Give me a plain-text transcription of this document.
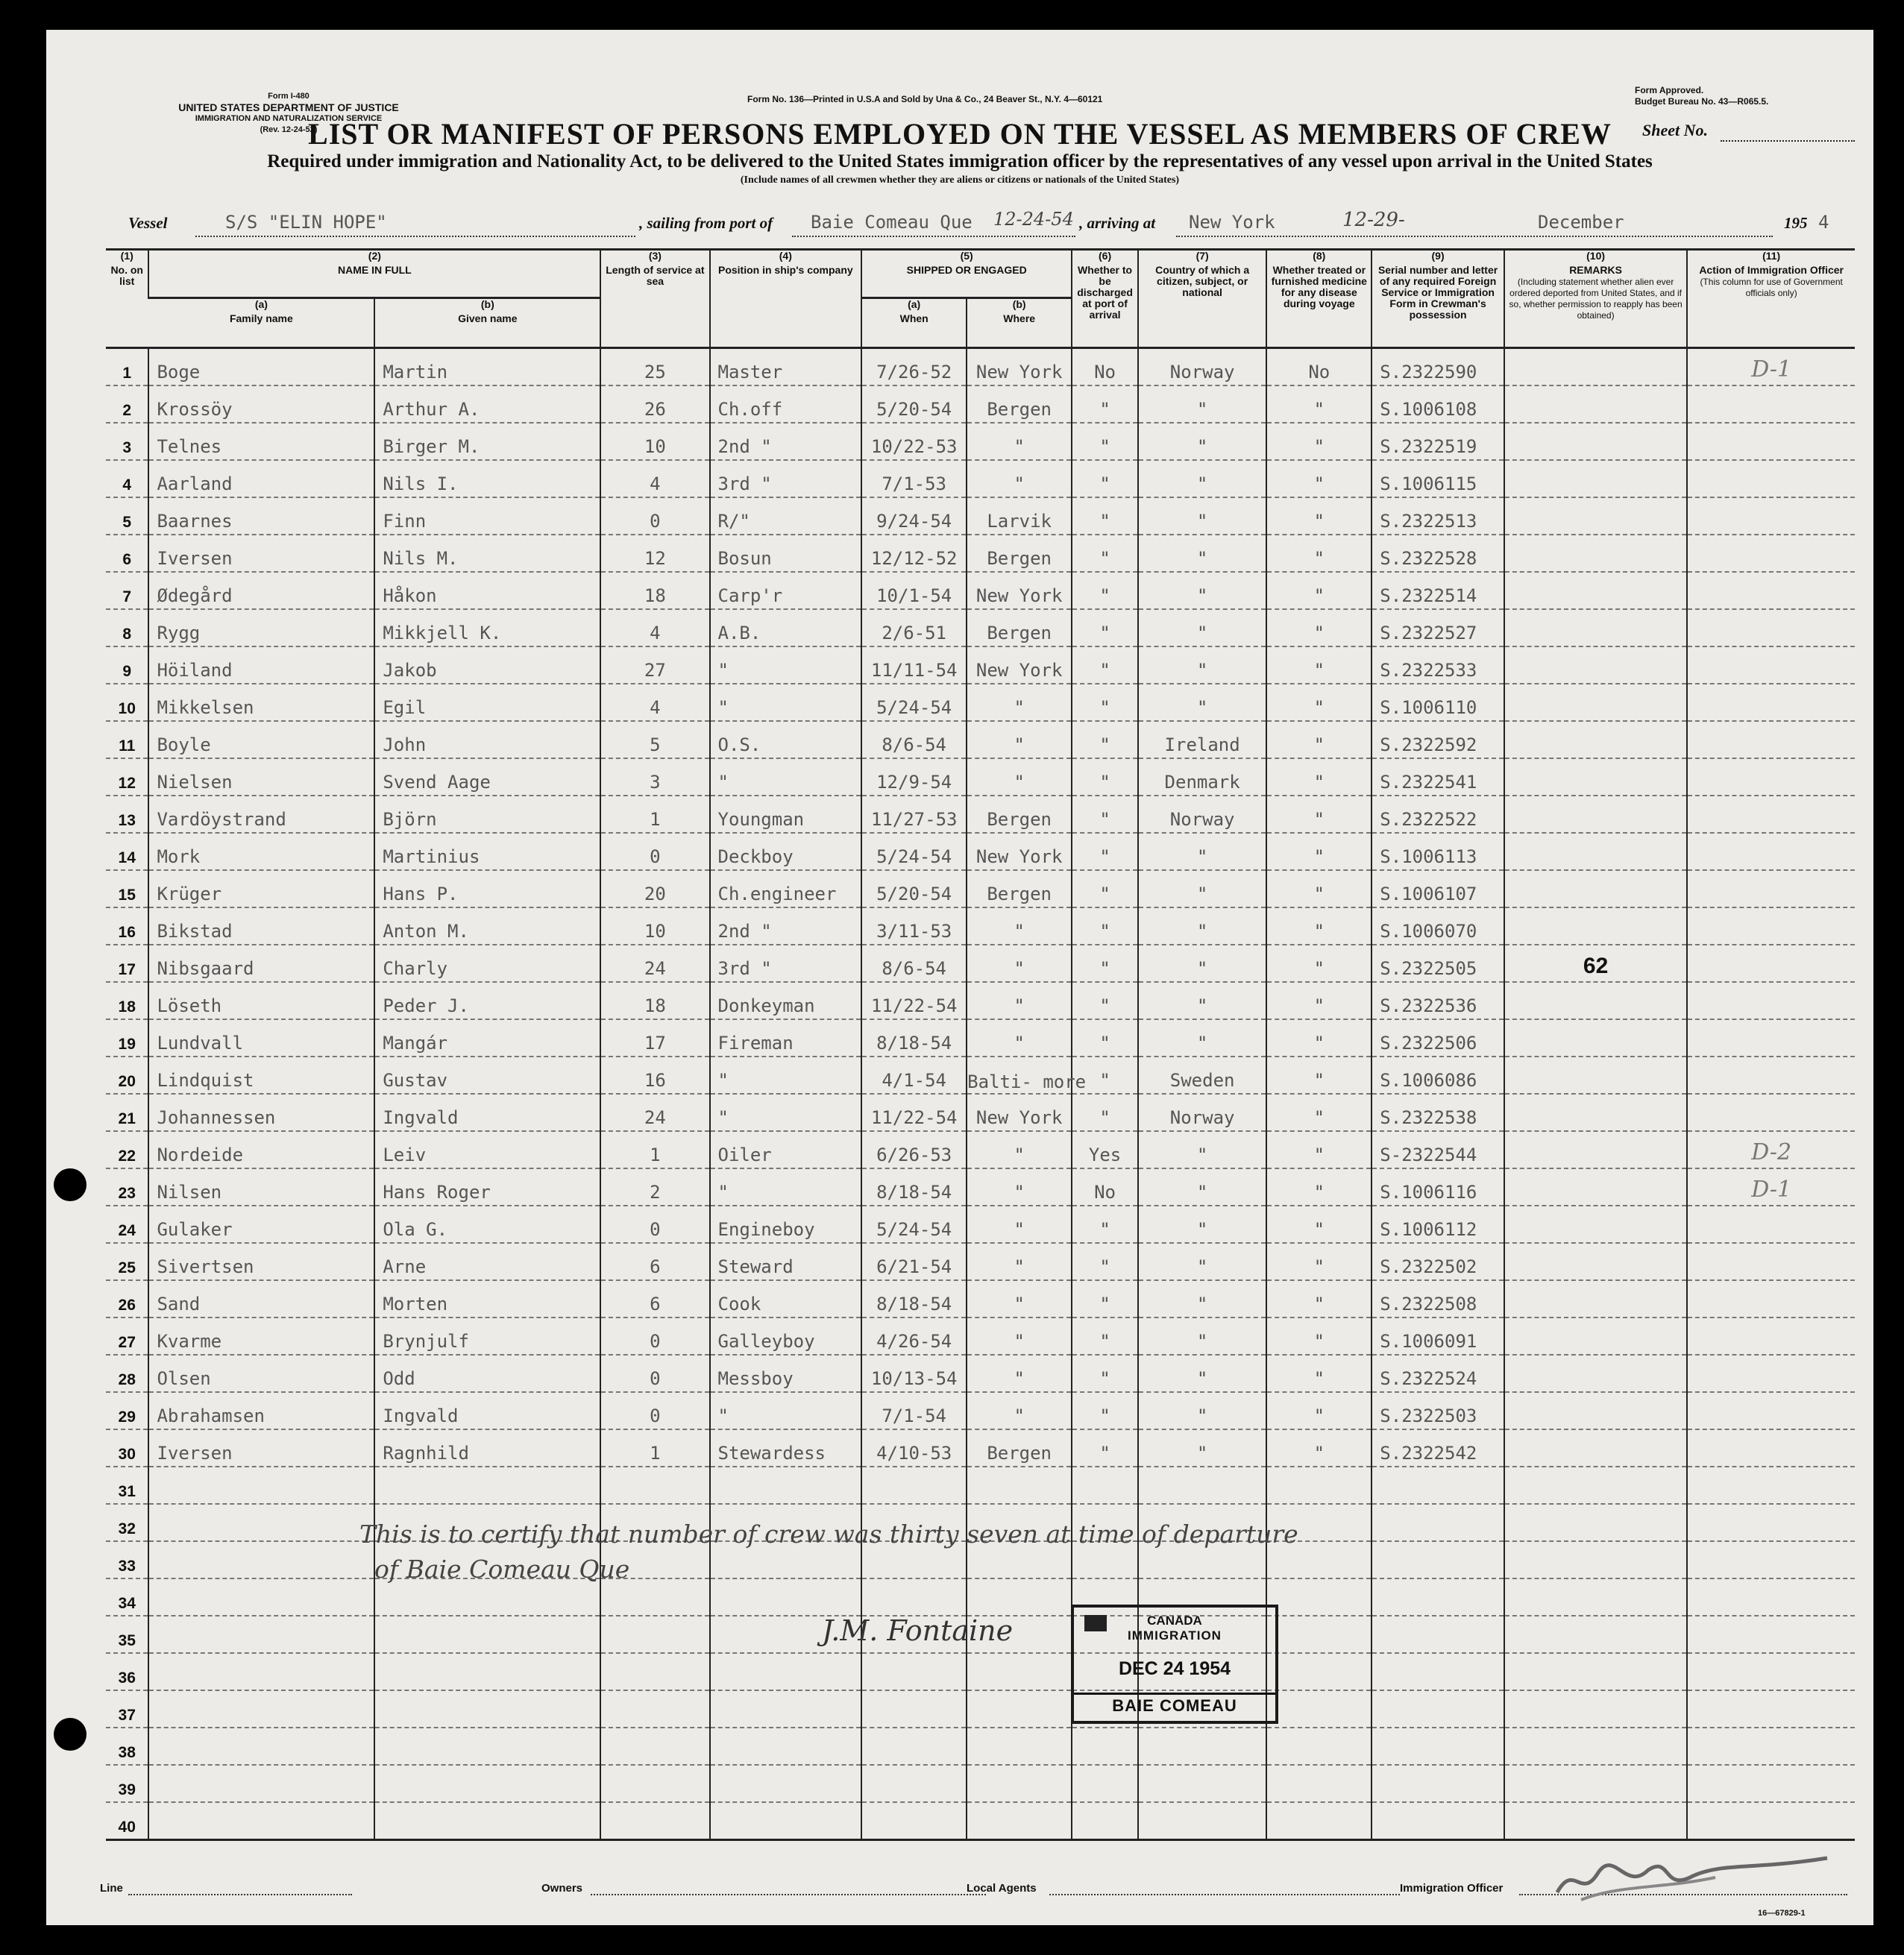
Form I-480
UNITED STATES DEPARTMENT OF JUSTICE
IMMIGRATION AND NATURALIZATION SERVICE
(Rev. 12-24-52)
Form No. 136—Printed in U.S.A and Sold by Una & Co., 24 Beaver St., N.Y. 4—60121
Form Approved.
Budget Bureau No. 43—R065.5.
LIST OR MANIFEST OF PERSONS EMPLOYED ON THE VESSEL AS MEMBERS OF CREW	Sheet No.
Required under immigration and Nationality Act, to be delivered to the United States immigration officer by the representatives of any vessel upon arrival in the United States
(Include names of all crewmen whether they are aliens or citizens or nationals of the United States)
Vessel	S/S "ELIN HOPE"	, sailing from port of Baie Comeau Que 12-24-54 , arriving at New York	12-29-	December	195 4
(1)
No. on list	(2)
NAME IN FULL		(3)
Length of service at sea	(4)
Position in ship's company	(5)
SHIPPED OR ENGAGED		(6)
Whether to be discharged at port of arrival	(7)
Country of which a citizen, subject, or national	(8)
Whether treated or furnished medicine for any disease during voyage	(9)
Serial number and letter of any required Foreign Service or Immigration Form in Crewman's possession	(10)
REMARKS
(Including statement whether alien ever ordered deported from United States, and if so, whether permission to reapply has been obtained)	(11)
Action of Immigration Officer
(This column for use of Government officials only)

	(a)
Family name	(b)
Given name			(a)
When	(b)
Where						
1	Boge	Martin	25	Master	7/26-52	New York	No	Norway	No	S.2322590		D-1
2	Krossöy	Arthur A.	26	Ch.off	5/20-54	Bergen	"	"	"	S.1006108		
3	Telnes	Birger M.	10	2nd "	10/22-53	"	"	"	"	S.2322519		
4	Aarland	Nils I.	4	3rd "	7/1-53	"	"	"	"	S.1006115		
5	Baarnes	Finn	0	R/"	9/24-54	Larvik	"	"	"	S.2322513		
6	Iversen	Nils M.	12	Bosun	12/12-52	Bergen	"	"	"	S.2322528		
7	Ødegård	Håkon	18	Carp'r	10/1-54	New York	"	"	"	S.2322514		
8	Rygg	Mikkjell K.	4	A.B.	2/6-51	Bergen	"	"	"	S.2322527		
9	Höiland	Jakob	27	"	11/11-54	New York	"	"	"	S.2322533		
10	Mikkelsen	Egil	4	"	5/24-54	"	"	"	"	S.1006110		
11	Boyle	John	5	O.S.	8/6-54	"	"	Ireland	"	S.2322592		
12	Nielsen	Svend Aage	3	"	12/9-54	"	"	Denmark	"	S.2322541		
13	Vardöystrand	Björn	1	Youngman	11/27-53	Bergen	"	Norway	"	S.2322522		
14	Mork	Martinius	0	Deckboy	5/24-54	New York	"	"	"	S.1006113		
15	Krüger	Hans P.	20	Ch.engineer	5/20-54	Bergen	"	"	"	S.1006107		
16	Bikstad	Anton M.	10	2nd "	3/11-53	"	"	"	"	S.1006070		
17	Nibsgaard	Charly	24	3rd "	8/6-54	"	"	"	"	S.2322505	62	
18	Löseth	Peder J.	18	Donkeyman	11/22-54	"	"	"	"	S.2322536		
19	Lundvall	Mangár	17	Fireman	8/18-54	"	"	"	"	S.2322506		
20	Lindquist	Gustav	16	"	4/1-54	Balti- more	"	Sweden	"	S.1006086		
21	Johannessen	Ingvald	24	"	11/22-54	New York	"	Norway	"	S.2322538		
22	Nordeide	Leiv	1	Oiler	6/26-53	"	Yes	"	"	S-2322544		D-2
23	Nilsen	Hans Roger	2	"	8/18-54	"	No	"	"	S.1006116		D-1
24	Gulaker	Ola G.	0	Engineboy	5/24-54	"	"	"	"	S.1006112		
25	Sivertsen	Arne	6	Steward	6/21-54	"	"	"	"	S.2322502		
26	Sand	Morten	6	Cook	8/18-54	"	"	"	"	S.2322508		
27	Kvarme	Brynjulf	0	Galleyboy	4/26-54	"	"	"	"	S.1006091		
28	Olsen	Odd	0	Messboy	10/13-54	"	"	"	"	S.2322524		
29	Abrahamsen	Ingvald	0	"	7/1-54	"	"	"	"	S.2322503		
30	Iversen	Ragnhild	1	Stewardess	4/10-53	Bergen	"	"	"	S.2322542		
31												
32												
33												
34												
35												
36												
37												
38												
39												
40												
This is to certify that number of crew was thirty seven at time of departure
of Baie Comeau Que
J.M. Fontaine	CANADA
IMMIGRATION
DEC 24 1954
BAIE COMEAU
Line	Owners	Local Agents	Immigration Officer
16—67829-1
